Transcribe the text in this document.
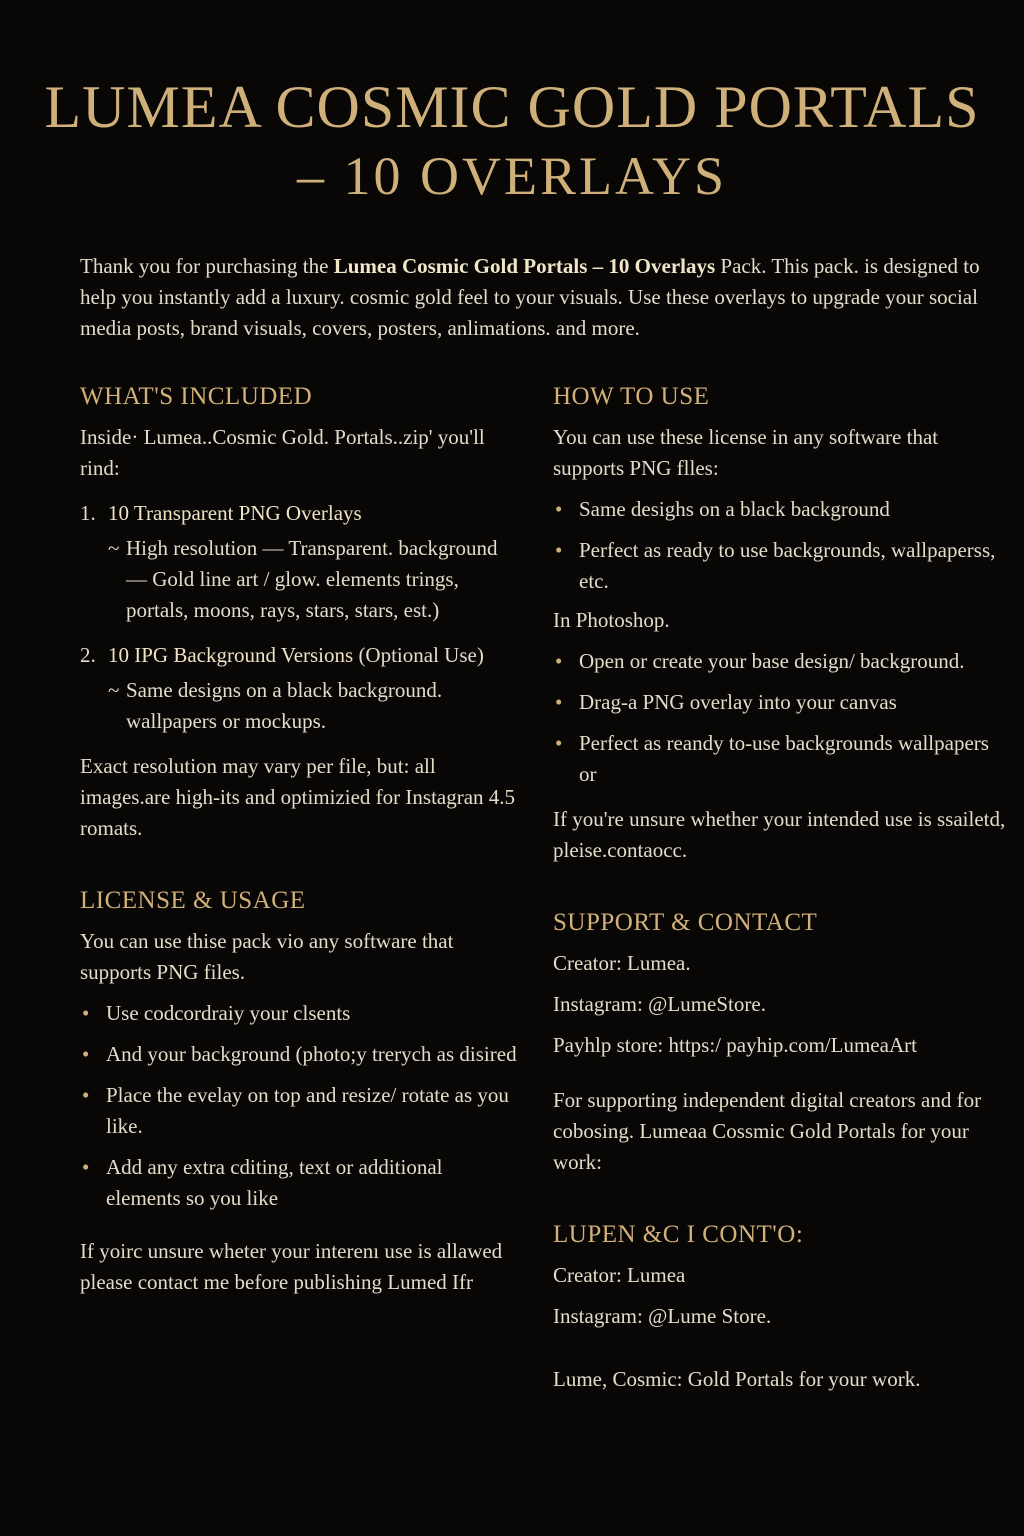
LUMEA COSMIC GOLD PORTALS
– 10 OVERLAYS

Thank you for purchasing the Lumea Cosmic Gold Portals – 10 Overlays Pack. This pack. is designed to help you instantly add a luxury. cosmic gold feel to your visuals. Use these overlays to upgrade your social media posts, brand visuals, covers, posters, anlimations. and more.

WHAT'S INCLUDED

Inside· Lumea..Cosmic Gold. Portals..zip' you'll rind:

1. 10 Transparent PNG Overlays
~ High resolution — Transparent. background — Gold line art / glow. elements trings, portals, moons, rays, stars, stars, est.)
2. 10 IPG Background Versions (Optional Use)
~ Same designs on a black background. wallpapers or mockups.

Exact resolution may vary per file, but: all images.are high-its and optimizied for Instagran 4.5 romats.

LICENSE & USAGE

You can use thise pack vio any software that supports PNG files.

• Use codcordraiy your clsents
• And your background (photo;y trerych as disired
• Place the evelay on top and resize/ rotate as you like.
• Add any extra cditing, text or additional elements so you like

If yoirc unsure wheter your interenı use is allawed please contact me before publishing Lumed Ifr

HOW TO USE

You can use these license in any software that supports PNG flles:

• Same desighs on a black background
• Perfect as ready to use backgrounds, wallpaperss, etc.

In Photoshop.

• Open or create your base design/ background.
• Drag-a PNG overlay into your canvas
• Perfect as reandy to-use backgrounds wallpapers or

If you're unsure whether your intended use is ssailetd, pleise.contaocc.

SUPPORT & CONTACT

Creator: Lumea.

Instagram: @LumeStore.

Payhlp store: https:/ payhip.com/LumeaArt

For supporting independent digital creators and for cobosing. Lumeaa Cossmic Gold Portals for your work:

LUPEN &C I CONT'O:

Creator: Lumea

Instagram: @Lume Store.

Lume, Cosmic: Gold Portals for your work.
